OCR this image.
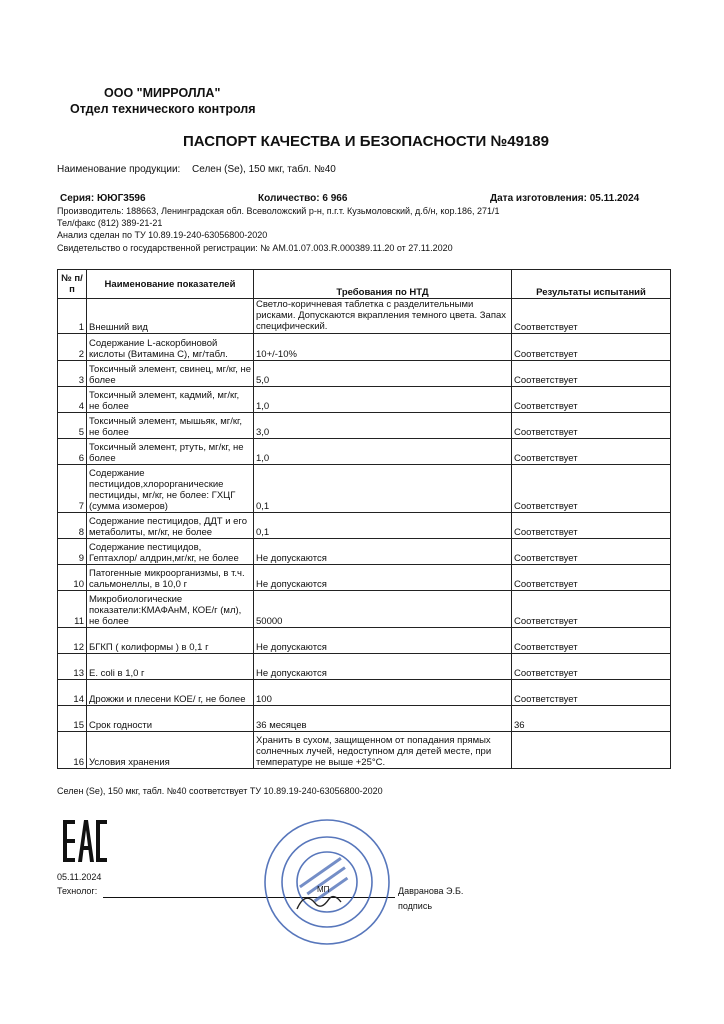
ООО "МИРРОЛЛА"
Отдел технического контроля
ПАСПОРТ КАЧЕСТВА И БЕЗОПАСНОСТИ №49189
Наименование продукции: Селен (Se), 150 мкг, табл. №40
Серия: ЮЮГ3596	Количество: 6 966	Дата изготовления: 05.11.2024
Производитель: 188663, Ленинградская обл. Всеволожский р-н, п.г.т. Кузьмоловский, д.б/н, кор.186, 271/1
Тел/факс (812) 389-21-21
Анализ сделан по ТУ 10.89.19-240-63056800-2020
Свидетельство о государственной регистрации: № AM.01.07.003.R.000389.11.20 от 27.11.2020
№ п/п	Наименование показателей	Требования по НТД	Результаты испытаний
1	Внешний вид	Светло-коричневая таблетка с разделительными рисками. Допускаются вкрапления темного цвета. Запах специфический.	Соответствует
2	Содержание L-аскорбиновой кислоты (Витамина С), мг/табл.	10+/-10%	Соответствует
3	Токсичный элемент, свинец, мг/кг, не более	5,0	Соответствует
4	Токсичный элемент, кадмий, мг/кг, не более	1,0	Соответствует
5	Токсичный элемент, мышьяк, мг/кг, не более	3,0	Соответствует
6	Токсичный элемент, ртуть, мг/кг, не более	1,0	Соответствует
7	Содержание пестицидов,хлорорганические пестициды, мг/кг, не более: ГХЦГ (сумма изомеров)	0,1	Соответствует
8	Содержание пестицидов, ДДТ и его метаболиты, мг/кг, не более	0,1	Соответствует
9	Содержание пестицидов, Гептахлор/ алдрин,мг/кг, не более	Не допускаются	Соответствует
10	Патогенные микроорганизмы, в т.ч. сальмонеллы, в 10,0 г	Не допускаются	Соответствует
11	Микробиологические показатели:КМАФАнМ, КОЕ/г (мл), не более	50000	Соответствует
12	БГКП ( колиформы ) в 0,1 г	Не допускаются	Соответствует
13	E. coli в 1,0 г	Не допускаются	Соответствует
14	Дрожжи и плесени КОЕ/ г, не более	100	Соответствует
15	Срок годности	36 месяцев	36
16	Условия хранения	Хранить в сухом, защищенном от попадания прямых солнечных лучей, недоступном для детей месте, при температуре не выше +25°С.	
Селен (Se), 150 мкг, табл. №40 соответствует ТУ 10.89.19-240-63056800-2020
05.11.2024
Технолог:	Давранова Э.Б.
подпись
МП
